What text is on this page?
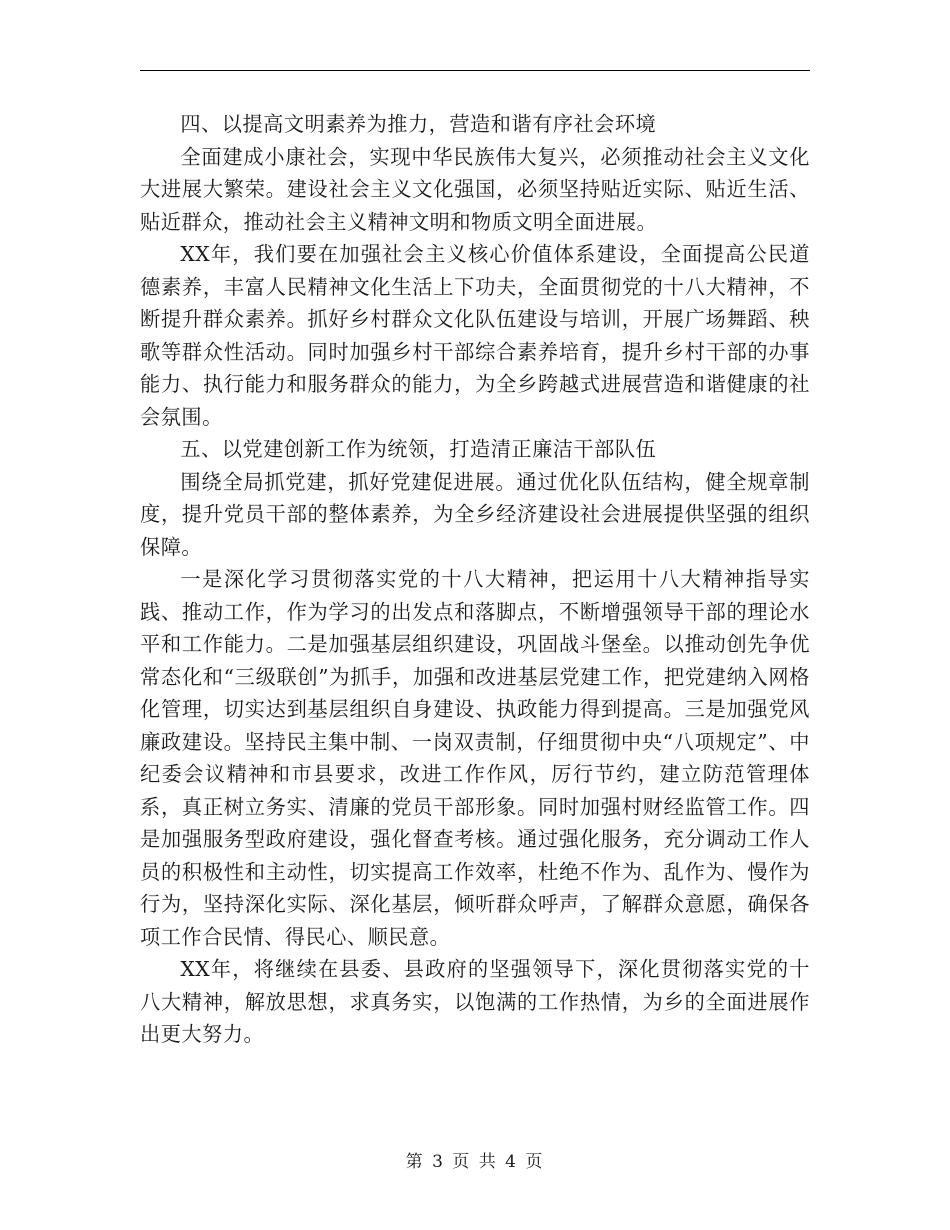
四、以提高文明素养为推力，营造和谐有序社会环境

全面建成小康社会，实现中华民族伟大复兴，必须推动社会主义文化大进展大繁荣。建设社会主义文化强国，必须坚持贴近实际、贴近生活、贴近群众，推动社会主义精神文明和物质文明全面进展。

XX年，我们要在加强社会主义核心价值体系建设，全面提高公民道德素养，丰富人民精神文化生活上下功夫，全面贯彻党的十八大精神，不断提升群众素养。抓好乡村群众文化队伍建设与培训，开展广场舞蹈、秧歌等群众性活动。同时加强乡村干部综合素养培育，提升乡村干部的办事能力、执行能力和服务群众的能力，为全乡跨越式进展营造和谐健康的社会氛围。

五、以党建创新工作为统领，打造清正廉洁干部队伍

围绕全局抓党建，抓好党建促进展。通过优化队伍结构，健全规章制度，提升党员干部的整体素养，为全乡经济建设社会进展提供坚强的组织保障。

一是深化学习贯彻落实党的十八大精神，把运用十八大精神指导实践、推动工作，作为学习的出发点和落脚点，不断增强领导干部的理论水平和工作能力。二是加强基层组织建设，巩固战斗堡垒。以推动创先争优常态化和“三级联创”为抓手，加强和改进基层党建工作，把党建纳入网格化管理，切实达到基层组织自身建设、执政能力得到提高。三是加强党风廉政建设。坚持民主集中制、一岗双责制，仔细贯彻中央“八项规定”、中纪委会议精神和市县要求，改进工作作风，厉行节约，建立防范管理体系，真正树立务实、清廉的党员干部形象。同时加强村财经监管工作。四是加强服务型政府建设，强化督查考核。通过强化服务，充分调动工作人员的积极性和主动性，切实提高工作效率，杜绝不作为、乱作为、慢作为行为，坚持深化实际、深化基层，倾听群众呼声，了解群众意愿，确保各项工作合民情、得民心、顺民意。

XX年，将继续在县委、县政府的坚强领导下，深化贯彻落实党的十八大精神，解放思想，求真务实，以饱满的工作热情，为乡的全面进展作出更大努力。

第 3 页 共 4 页
